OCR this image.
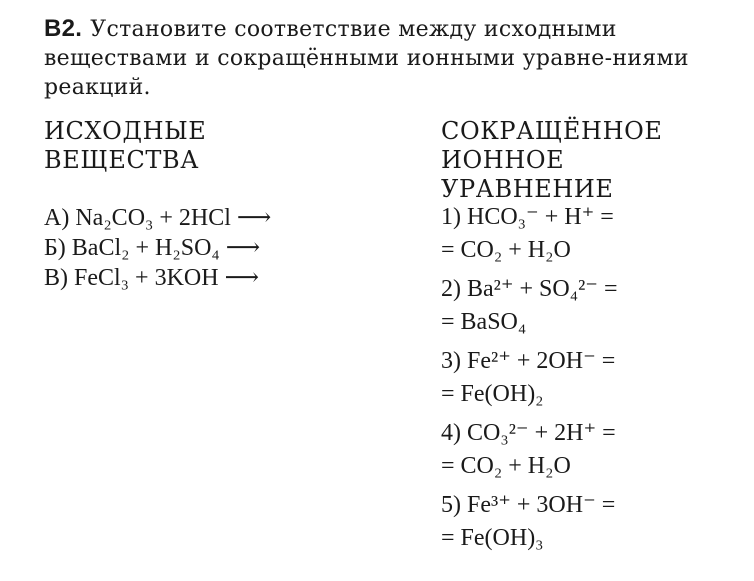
В2. Установите соответствие между исходными веществами и сокращёнными ионными уравне-ниями реакций.
ИСХОДНЫЕ
ВЕЩЕСТВА
СОКРАЩЁННОЕ
ИОННОЕ
УРАВНЕНИЕ
А) Na₂CO₃ + 2HCl ⟶
Б) BaCl₂ + H₂SO₄ ⟶
В) FeCl₃ + 3KOH ⟶
1) HCO₃⁻ + H⁺ =
= CO₂ + H₂O
2) Ba²⁺ + SO₄²⁻ =
= BaSO₄
3) Fe²⁺ + 2OH⁻ =
= Fe(OH)₂
4) CO₃²⁻ + 2H⁺ =
= CO₂ + H₂O
5) Fe³⁺ + 3OH⁻ =
= Fe(OH)₃
